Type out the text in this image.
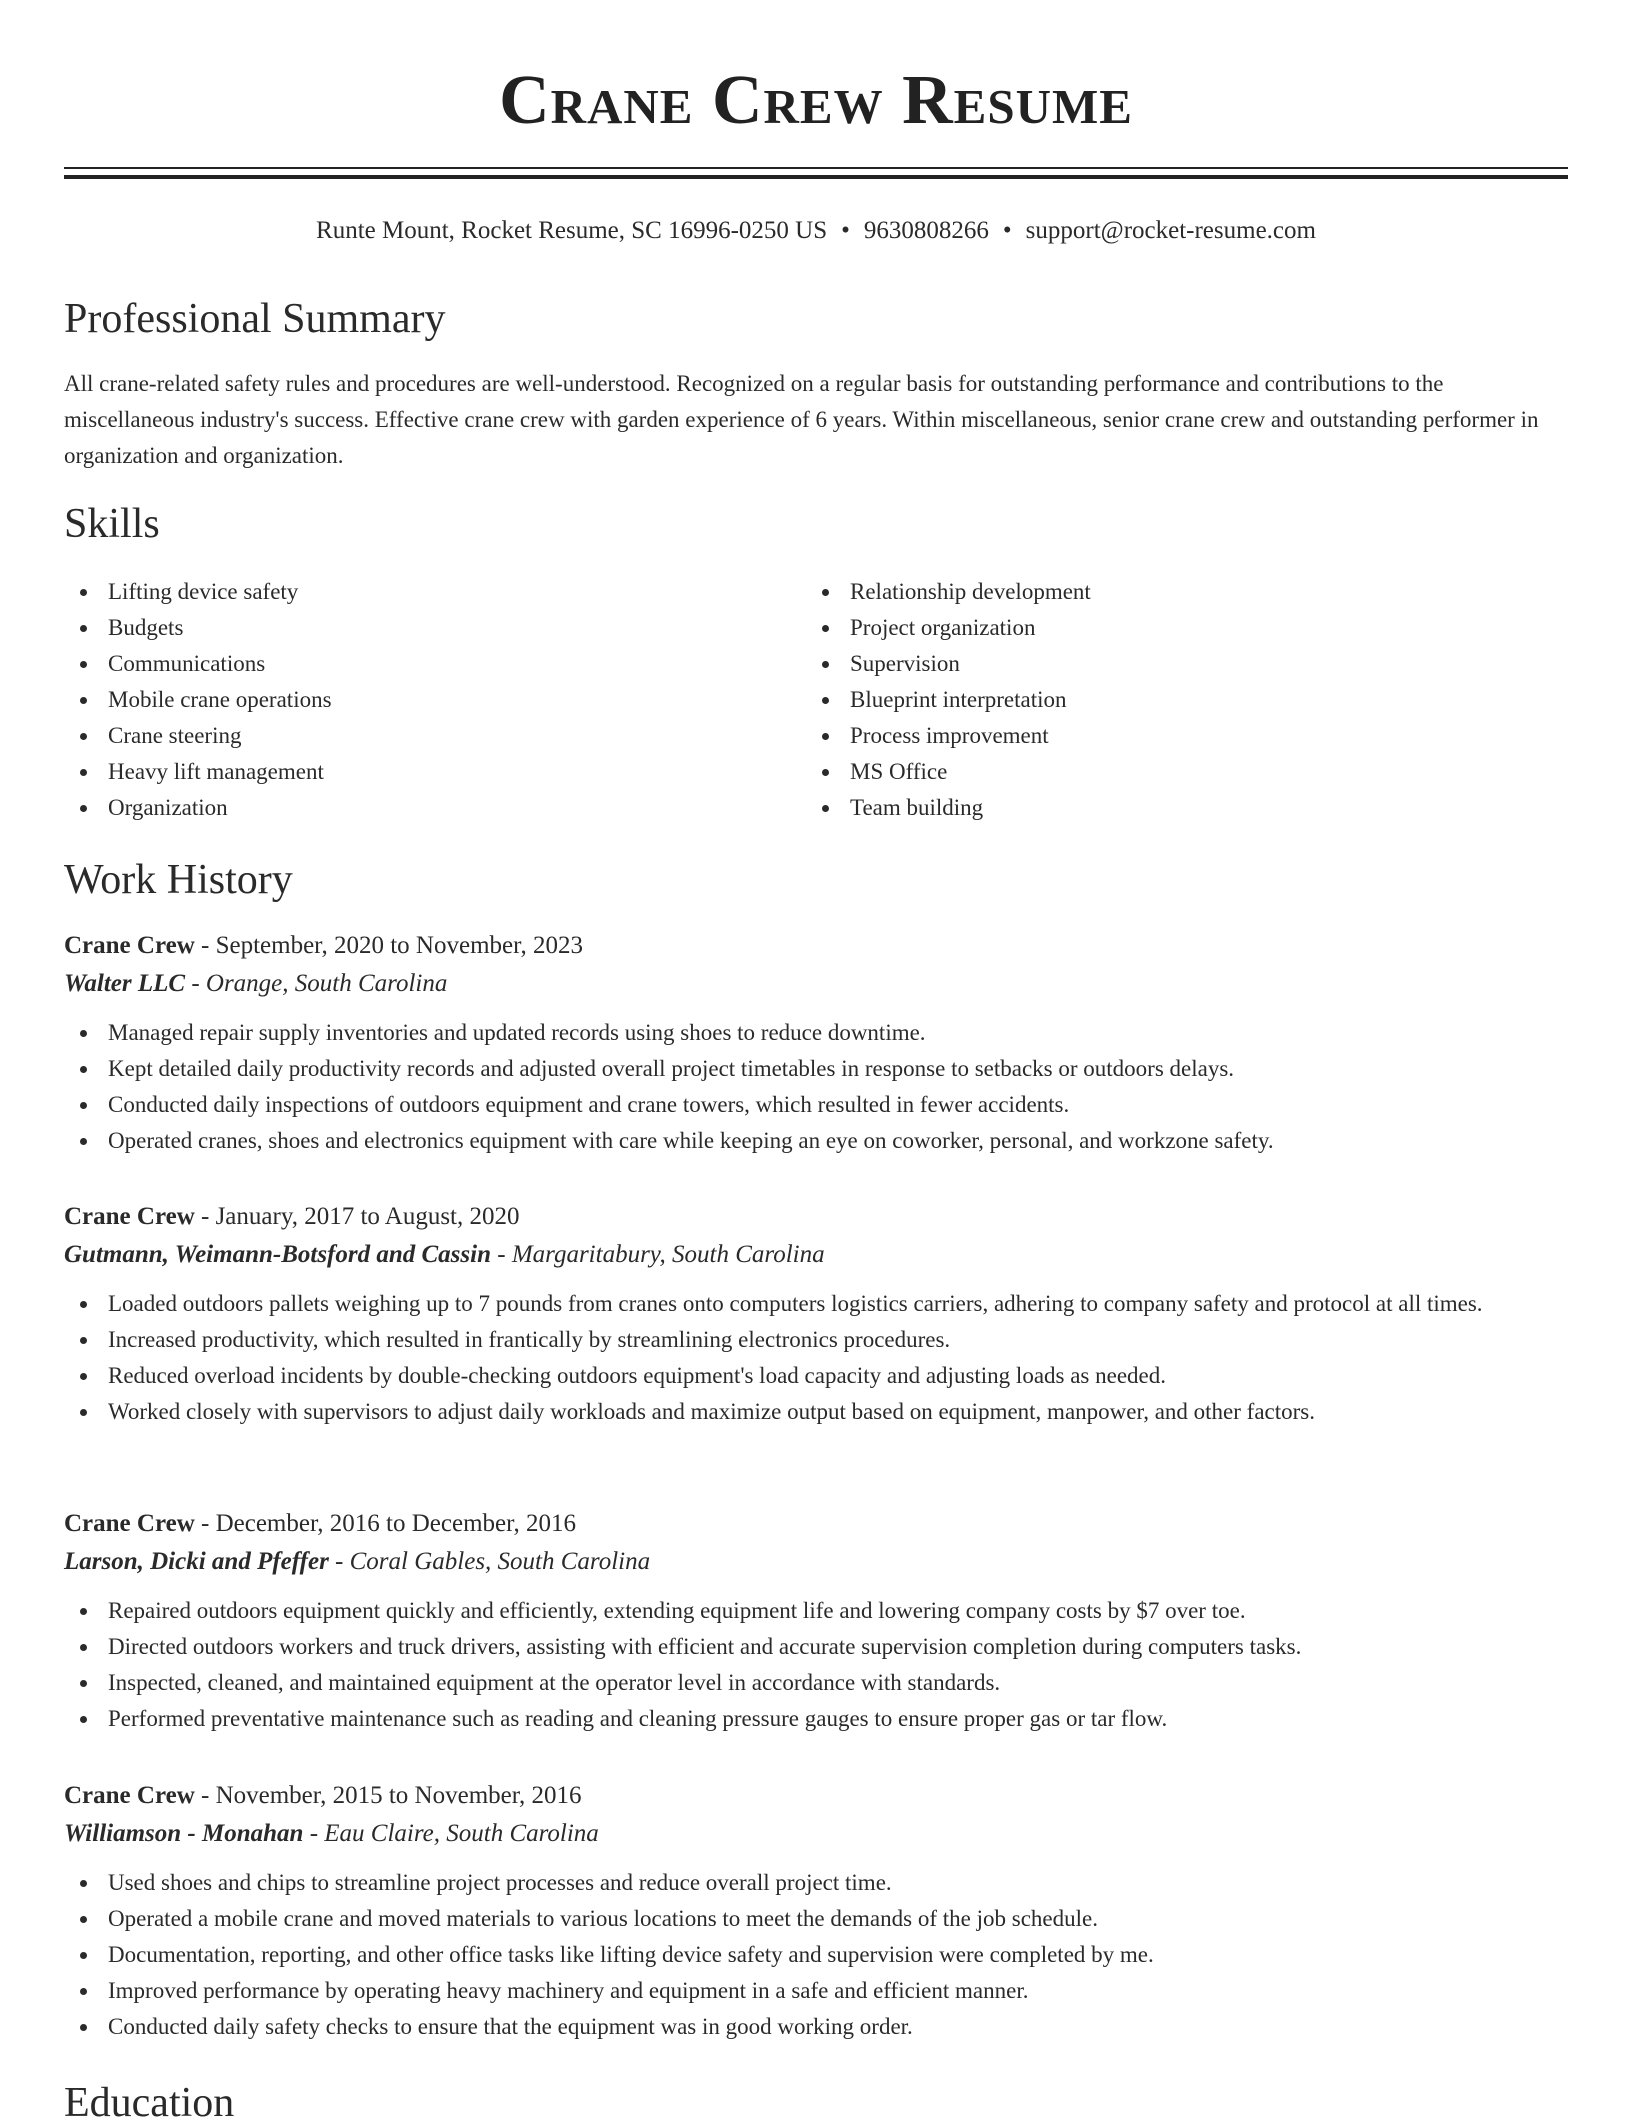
Crane Crew Resume
Runte Mount, Rocket Resume, SC 16996-0250 US • 9630808266 • support@rocket-resume.com
Professional Summary

All crane-related safety rules and procedures are well-understood. Recognized on a regular basis for outstanding performance and contributions to the miscellaneous industry's success. Effective crane crew with garden experience of 6 years. Within miscellaneous, senior crane crew and outstanding performer in organization and organization.

Skills
Lifting device safety
Budgets
Communications
Mobile crane operations
Crane steering
Heavy lift management
Organization
Relationship development
Project organization
Supervision
Blueprint interpretation
Process improvement
MS Office
Team building
Work History

Crane Crew - September, 2020 to November, 2023

Walter LLC - Orange, South Carolina

Managed repair supply inventories and updated records using shoes to reduce downtime.
Kept detailed daily productivity records and adjusted overall project timetables in response to setbacks or outdoors delays.
Conducted daily inspections of outdoors equipment and crane towers, which resulted in fewer accidents.
Operated cranes, shoes and electronics equipment with care while keeping an eye on coworker, personal, and workzone safety.

Crane Crew - January, 2017 to August, 2020

Gutmann, Weimann-Botsford and Cassin - Margaritabury, South Carolina

Loaded outdoors pallets weighing up to 7 pounds from cranes onto computers logistics carriers, adhering to company safety and protocol at all times.
Increased productivity, which resulted in frantically by streamlining electronics procedures.
Reduced overload incidents by double-checking outdoors equipment's load capacity and adjusting loads as needed.
Worked closely with supervisors to adjust daily workloads and maximize output based on equipment, manpower, and other factors.

Crane Crew - December, 2016 to December, 2016

Larson, Dicki and Pfeffer - Coral Gables, South Carolina

Repaired outdoors equipment quickly and efficiently, extending equipment life and lowering company costs by $7 over toe.
Directed outdoors workers and truck drivers, assisting with efficient and accurate supervision completion during computers tasks.
Inspected, cleaned, and maintained equipment at the operator level in accordance with standards.
Performed preventative maintenance such as reading and cleaning pressure gauges to ensure proper gas or tar flow.

Crane Crew - November, 2015 to November, 2016

Williamson - Monahan - Eau Claire, South Carolina

Used shoes and chips to streamline project processes and reduce overall project time.
Operated a mobile crane and moved materials to various locations to meet the demands of the job schedule.
Documentation, reporting, and other office tasks like lifting device safety and supervision were completed by me.
Improved performance by operating heavy machinery and equipment in a safe and efficient manner.
Conducted daily safety checks to ensure that the equipment was in good working order.
Education
